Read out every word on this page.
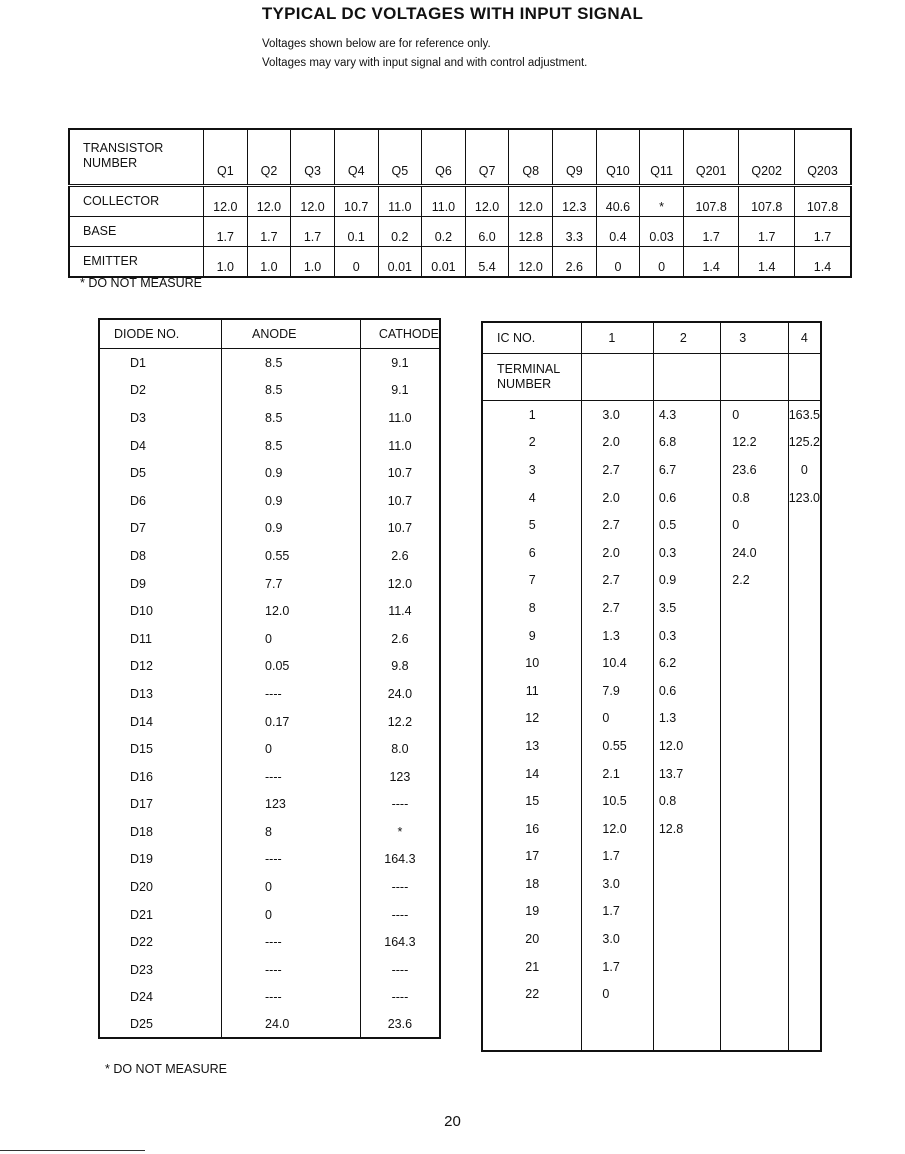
TYPICAL DC VOLTAGES WITH INPUT SIGNAL
Voltages shown below are for reference only.
Voltages may vary with input signal and with control adjustment.
TRANSISTOR
NUMBER	Q1	Q2	Q3	Q4	Q5	Q6	Q7	Q8	Q9	Q10	Q11	Q201	Q202	Q203
COLLECTOR	12.0	12.0	12.0	10.7	11.0	11.0	12.0	12.0	12.3	40.6	*	107.8	107.8	107.8
BASE	1.7	1.7	1.7	0.1	0.2	0.2	6.0	12.8	3.3	0.4	0.03	1.7	1.7	1.7
EMITTER	1.0	1.0	1.0	0	0.01	0.01	5.4	12.0	2.6	0	0	1.4	1.4	1.4
* DO NOT MEASURE
DIODE NO.	ANODE	CATHODE
D1	8.5	9.1
D2	8.5	9.1
D3	8.5	11.0
D4	8.5	11.0
D5	0.9	10.7
D6	0.9	10.7
D7	0.9	10.7
D8	0.55	2.6
D9	7.7	12.0
D10	12.0	11.4
D11	0	2.6
D12	0.05	9.8
D13	----	24.0
D14	0.17	12.2
D15	0	8.0
D16	----	123
D17	123	----
D18	8	*
D19	----	164.3
D20	0	----
D21	0	----
D22	----	164.3
D23	----	----
D24	----	----
D25	24.0	23.6
IC NO.	1	2	3	4
TERMINAL
NUMBER				
1	3.0	4.3	0	163.5
2	2.0	6.8	12.2	125.2
3	2.7	6.7	23.6	0
4	2.0	0.6	0.8	123.0
5	2.7	0.5	0	
6	2.0	0.3	24.0	
7	2.7	0.9	2.2	
8	2.7	3.5		
9	1.3	0.3		
10	10.4	6.2		
11	7.9	0.6		
12	0	1.3		
13	0.55	12.0		
14	2.1	13.7		
15	10.5	0.8		
16	12.0	12.8		
17	1.7			
18	3.0			
19	1.7			
20	3.0			
21	1.7			
22	0			

* DO NOT MEASURE
20
